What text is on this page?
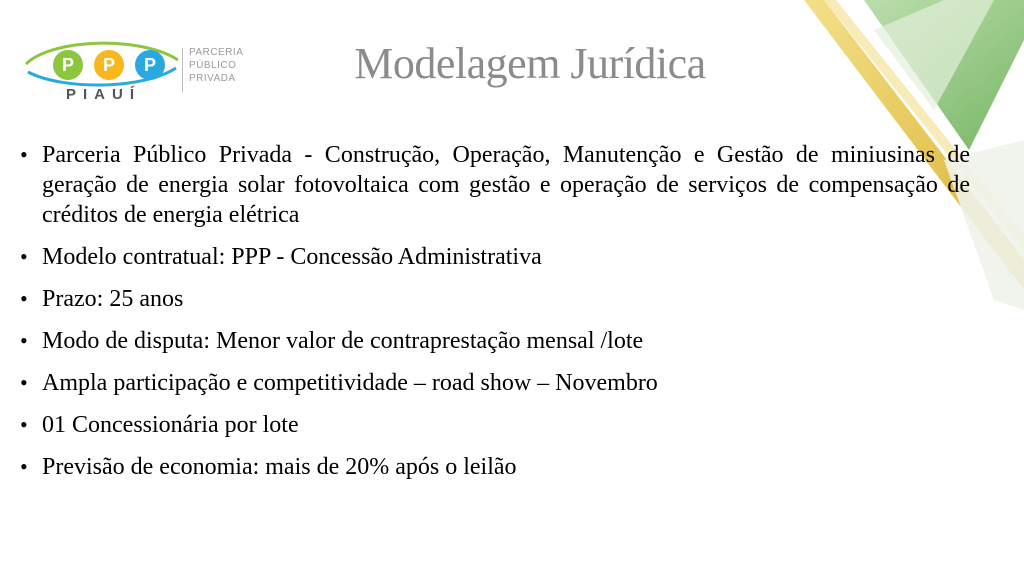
P	P	P
PIAUÍ
PARCERIA
PÚBLICO
PRIVADA	Modelagem Jurídica
• Parceria Público Privada - Construção, Operação, Manutenção e Gestão de miniusinas de geração de energia solar fotovoltaica com gestão e operação de serviços de compensação de créditos de energia elétrica
• Modelo contratual: PPP - Concessão Administrativa
• Prazo: 25 anos
• Modo de disputa: Menor valor de contraprestação mensal /lote
• Ampla participação e competitividade – road show – Novembro
• 01 Concessionária por lote
• Previsão de economia: mais de 20% após o leilão
